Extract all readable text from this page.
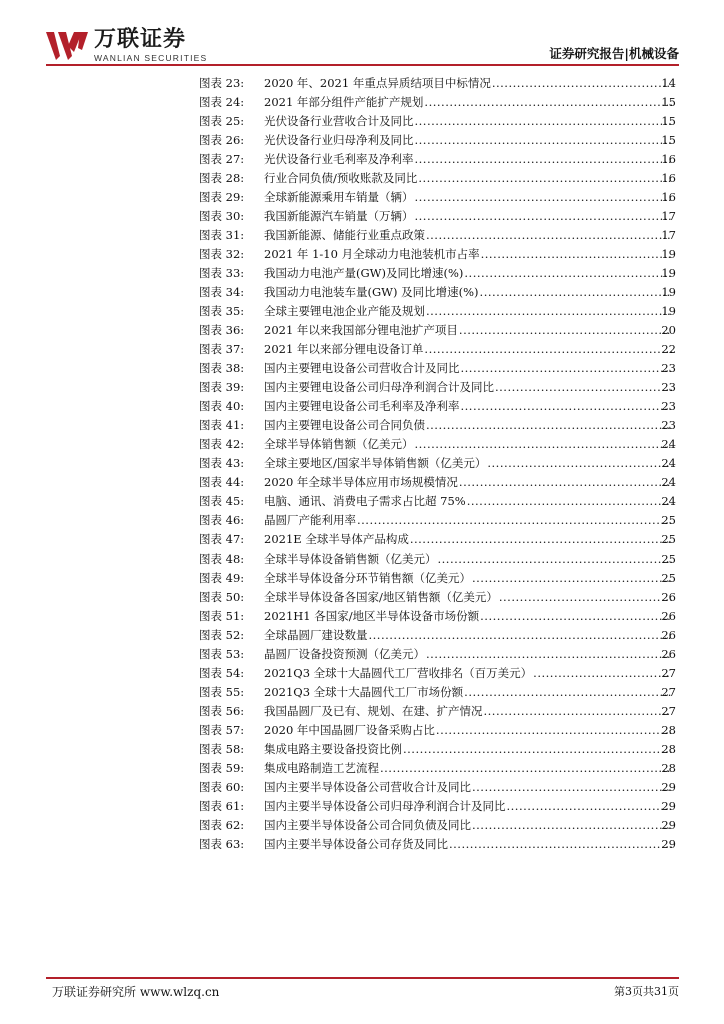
万联证券
WANLIAN SECURITIES	证券研究报告|机械设备
图表 23: 2020 年、2021 年重点异质结项目中标情况 .....	14
图表 24: 2021 年部分组件产能扩产规划 .....	15
图表 25: 光伏设备行业营收合计及同比 .....	15
图表 26: 光伏设备行业归母净利及同比 .....	15
图表 27: 光伏设备行业毛利率及净利率 .....	16
图表 28: 行业合同负债/预收账款及同比 .....	16
图表 29: 全球新能源乘用车销量（辆） .....	16
图表 30: 我国新能源汽车销量（万辆） .....	17
图表 31: 我国新能源、储能行业重点政策 .....	17
图表 32: 2021 年 1-10 月全球动力电池装机市占率 .....	19
图表 33: 我国动力电池产量(GW)及同比增速(%) .....	19
图表 34: 我国动力电池装车量(GW) 及同比增速(%) .....	19
图表 35: 全球主要锂电池企业产能及规划 .....	19
图表 36: 2021 年以来我国部分锂电池扩产项目 .....	20
图表 37: 2021 年以来部分锂电设备订单 .....	22
图表 38: 国内主要锂电设备公司营收合计及同比 .....	23
图表 39: 国内主要锂电设备公司归母净利润合计及同比 .....	23
图表 40: 国内主要锂电设备公司毛利率及净利率 .....	23
图表 41: 国内主要锂电设备公司合同负债 .....	23
图表 42: 全球半导体销售额（亿美元） .....	24
图表 43: 全球主要地区/国家半导体销售额（亿美元） .....	24
图表 44: 2020 年全球半导体应用市场规模情况 .....	24
图表 45: 电脑、通讯、消费电子需求占比超 75% .....	24
图表 46: 晶圆厂产能利用率 .....	25
图表 47: 2021E 全球半导体产品构成 .....	25
图表 48: 全球半导体设备销售额（亿美元） .....	25
图表 49: 全球半导体设备分环节销售额（亿美元） .....	25
图表 50: 全球半导体设备各国家/地区销售额（亿美元） .....	26
图表 51: 2021H1 各国家/地区半导体设备市场份额 .....	26
图表 52: 全球晶圆厂建设数量 .....	26
图表 53: 晶圆厂设备投资预测（亿美元） .....	26
图表 54: 2021Q3 全球十大晶圆代工厂营收排名（百万美元） .....	27
图表 55: 2021Q3 全球十大晶圆代工厂市场份额 .....	27
图表 56: 我国晶圆厂及已有、规划、在建、扩产情况 .....	27
图表 57: 2020 年中国晶圆厂设备采购占比 .....	28
图表 58: 集成电路主要设备投资比例 .....	28
图表 59: 集成电路制造工艺流程 .....	28
图表 60: 国内主要半导体设备公司营收合计及同比 .....	29
图表 61: 国内主要半导体设备公司归母净利润合计及同比 .....	29
图表 62: 国内主要半导体设备公司合同负债及同比 .....	29
图表 63: 国内主要半导体设备公司存货及同比 .....	29
万联证券研究所 www.wlzq.cn	第3页共31页
